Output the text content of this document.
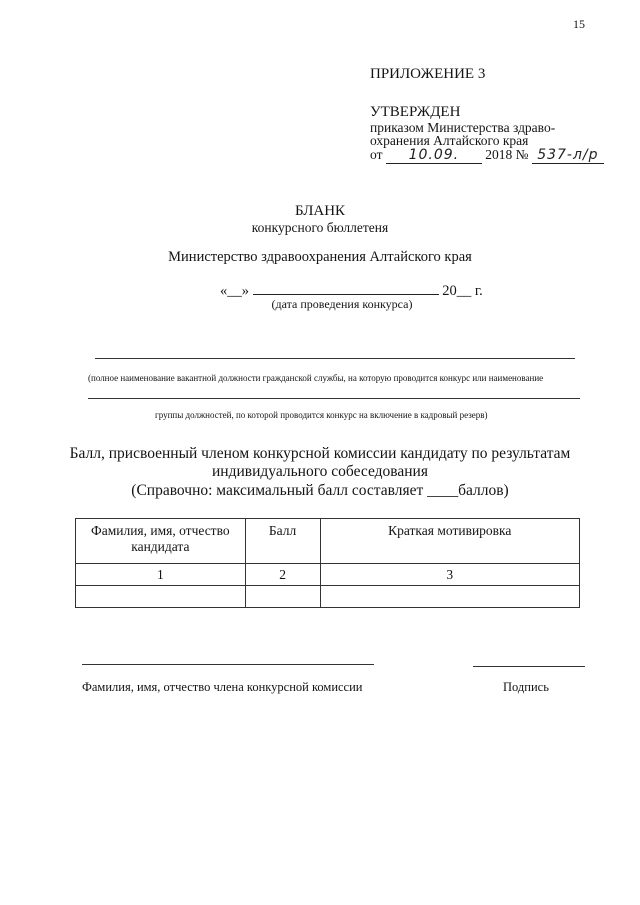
15
ПРИЛОЖЕНИЕ 3
УТВЕРЖДЕН
приказом Министерства здраво-
охранения Алтайского края
от 10.09. 2018 № 537-л/р
БЛАНК
конкурсного бюллетеня
Министерство здравоохранения Алтайского края
«__»	20__ г.
(дата проведения конкурса)
(полное наименование вакантной должности гражданской службы, на которую проводится конкурс или наименование
группы должностей, по которой проводится конкурс на включение в кадровый резерв)
Балл, присвоенный членом конкурсной комиссии кандидату по результатам
индивидуального собеседования
(Справочно: максимальный балл составляет ____баллов)
Фамилия, имя, отчество кандидата	Балл	Краткая мотивировка
1	2	3

Фамилия, имя, отчество члена конкурсной комиссии	Подпись
